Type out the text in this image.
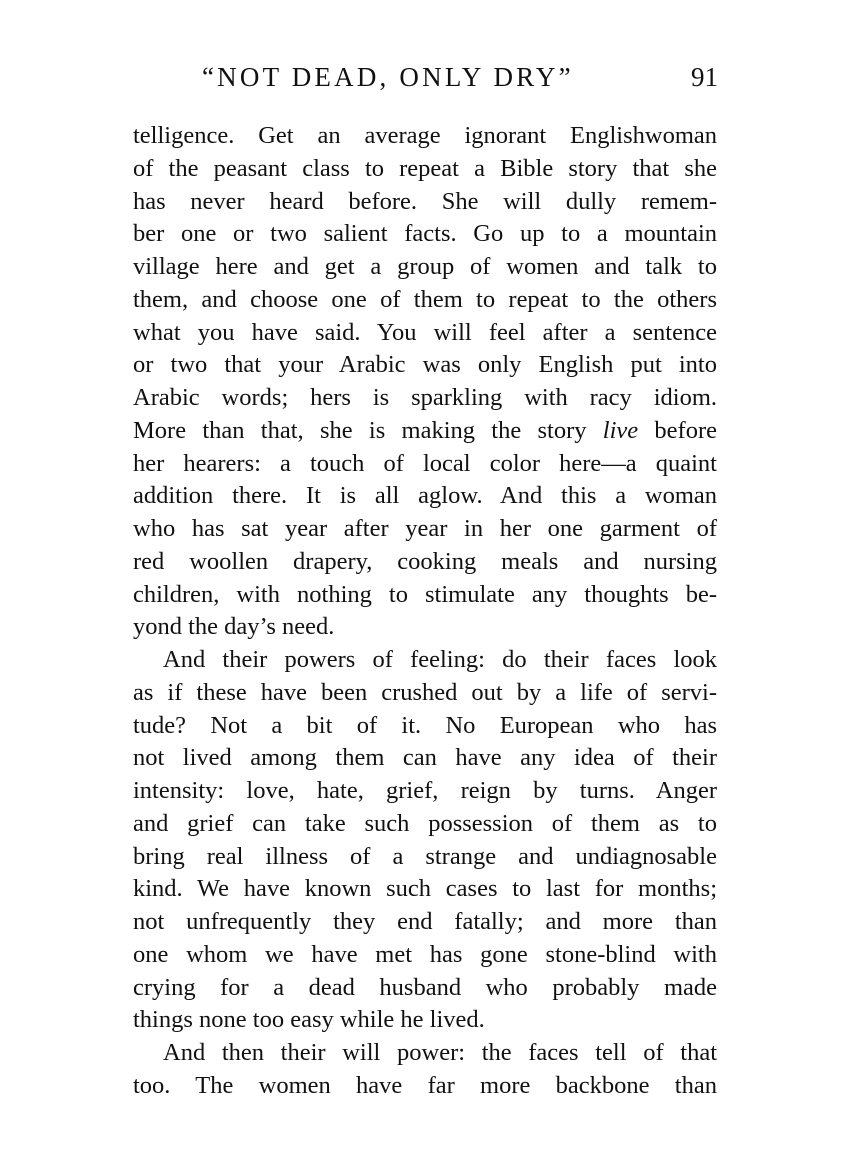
“NOT DEAD, ONLY DRY”	91
telligence. Get an average ignorant Englishwoman
of the peasant class to repeat a Bible story that she
has never heard before. She will dully remem-
ber one or two salient facts. Go up to a mountain
village here and get a group of women and talk to
them, and choose one of them to repeat to the others
what you have said. You will feel after a sentence
or two that your Arabic was only English put into
Arabic words; hers is sparkling with racy idiom.
More than that, she is making the story live before
her hearers: a touch of local color here—a quaint
addition there. It is all aglow. And this a woman
who has sat year after year in her one garment of
red woollen drapery, cooking meals and nursing
children, with nothing to stimulate any thoughts be-
yond the day’s need.
And their powers of feeling: do their faces look
as if these have been crushed out by a life of servi-
tude? Not a bit of it. No European who has
not lived among them can have any idea of their
intensity: love, hate, grief, reign by turns. Anger
and grief can take such possession of them as to
bring real illness of a strange and undiagnosable
kind. We have known such cases to last for months;
not unfrequently they end fatally; and more than
one whom we have met has gone stone-blind with
crying for a dead husband who probably made
things none too easy while he lived.
And then their will power: the faces tell of that
too. The women have far more backbone than
